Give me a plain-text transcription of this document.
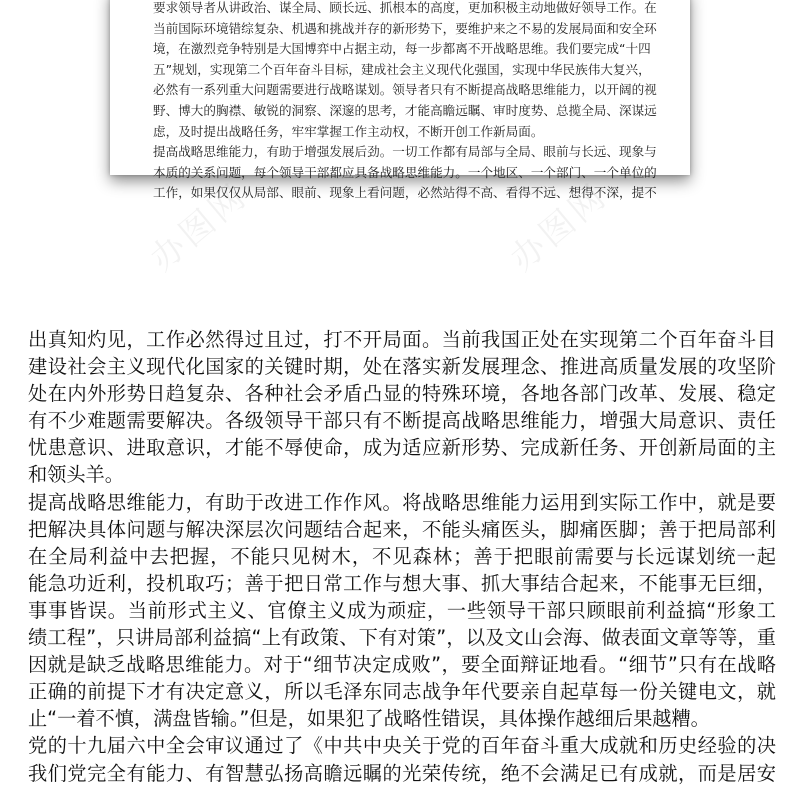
要求领导者从讲政治、谋全局、顾长远、抓根本的高度，更加积极主动地做好领导工作。在
当前国际环境错综复杂、机遇和挑战并存的新形势下，要维护来之不易的发展局面和安全环
境，在激烈竞争特别是大国博弈中占据主动，每一步都离不开战略思维。我们要完成“十四
五”规划，实现第二个百年奋斗目标，建成社会主义现代化强国，实现中华民族伟大复兴，
必然有一系列重大问题需要进行战略谋划。领导者只有不断提高战略思维能力，以开阔的视
野、博大的胸襟、敏锐的洞察、深邃的思考，才能高瞻远瞩、审时度势、总揽全局、深谋远
虑，及时提出战略任务，牢牢掌握工作主动权，不断开创工作新局面。
提高战略思维能力，有助于增强发展后劲。一切工作都有局部与全局、眼前与长远、现象与
本质的关系问题，每个领导干部都应具备战略思维能力。一个地区、一个部门、一个单位的
工作，如果仅仅从局部、眼前、现象上看问题，必然站得不高、看得不远、想得不深，提不
办图网	办图网
出真知灼见，工作必然得过且过，打不开局面。当前我国正处在实现第二个百年奋斗目
建设社会主义现代化国家的关键时期，处在落实新发展理念、推进高质量发展的攻坚阶
处在内外形势日趋复杂、各种社会矛盾凸显的特殊环境，各地各部门改革、发展、稳定
有不少难题需要解决。各级领导干部只有不断提高战略思维能力，增强大局意识、责任
忧患意识、进取意识，才能不辱使命，成为适应新形势、完成新任务、开创新局面的主
和领头羊。
提高战略思维能力，有助于改进工作作风。将战略思维能力运用到实际工作中，就是要
把解决具体问题与解决深层次问题结合起来，不能头痛医头，脚痛医脚；善于把局部利
在全局利益中去把握，不能只见树木，不见森林；善于把眼前需要与长远谋划统一起
能急功近利，投机取巧；善于把日常工作与想大事、抓大事结合起来，不能事无巨细，
事事皆误。当前形式主义、官僚主义成为顽症，一些领导干部只顾眼前利益搞“形象工
绩工程”，只讲局部利益搞“上有政策、下有对策”，以及文山会海、做表面文章等等，重
因就是缺乏战略思维能力。对于“细节决定成败”，要全面辩证地看。“细节”只有在战略
正确的前提下才有决定意义，所以毛泽东同志战争年代要亲自起草每一份关键电文，就
止“一着不慎，满盘皆输。”但是，如果犯了战略性错误，具体操作越细后果越糟。
党的十九届六中全会审议通过了《中共中央关于党的百年奋斗重大成就和历史经验的决
我们党完全有能力、有智慧弘扬高瞻远瞩的光荣传统，绝不会满足已有成就，而是居安
